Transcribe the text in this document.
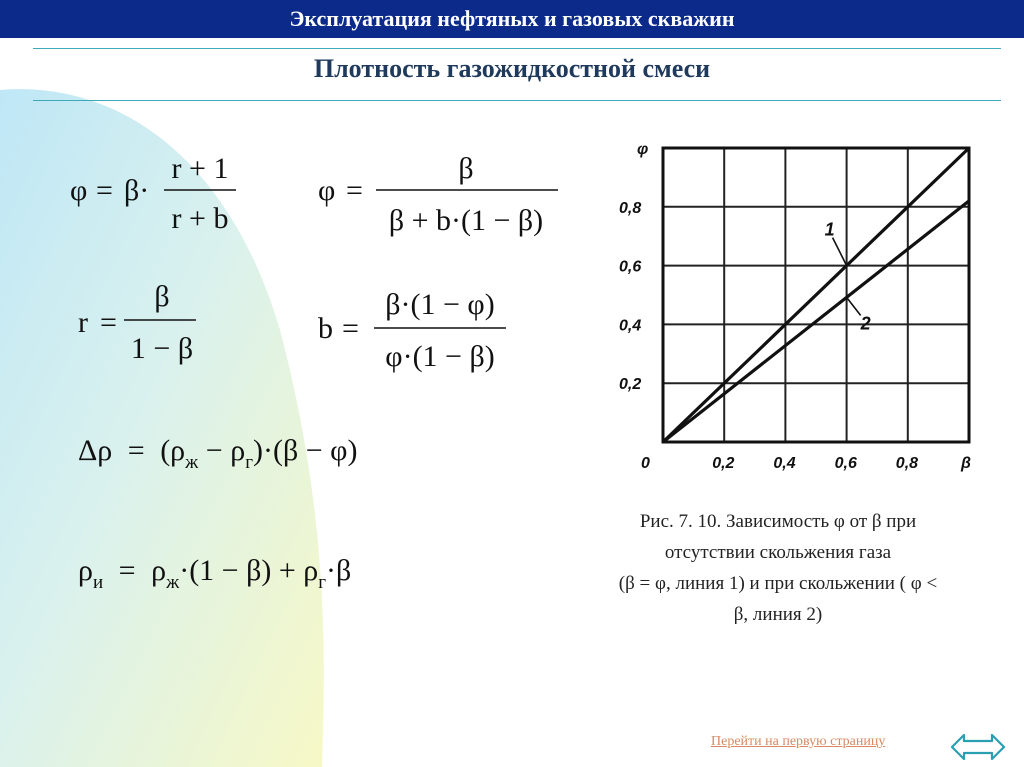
Эксплуатация нефтяных и газовых скважин
Плотность газожидкостной смеси
φ = β·
r + 1
r + b
φ =
β
β + b·(1 − β)
r =
β
1 − β
b =
β·(1 − φ)
φ·(1 − β)
$\Delta\rho = (\rho_ж - \rho_г)\cdot(\beta - \varphi)$
$\rho_и = \rho_ж\cdot(1 - \beta) + \rho_г\cdot\beta$
1
2
0	0,2 0,4 0,6 0,8	β
0,2
0,4
0,6
0,8
φ

Рис. 7. 10. Зависимость φ от β при

отсутствии скольжения газа

(β = φ, линия 1) и при скольжении ( φ <

β, линия 2)

Перейти на первую страницу
